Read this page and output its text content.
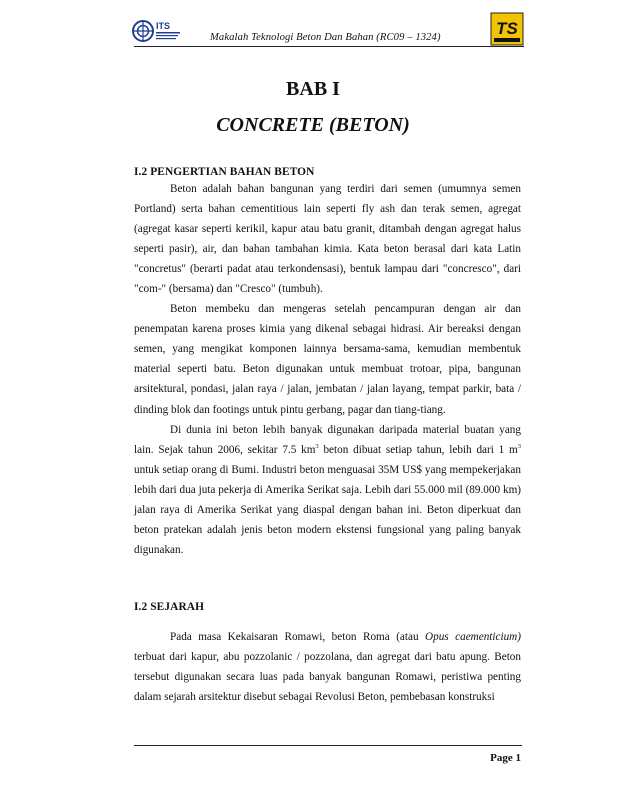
ITS
Makalah Teknologi Beton Dan Bahan (RC09 – 1324)	TS
BAB I
CONCRETE (BETON)
I.2 PENGERTIAN BAHAN BETON

Beton adalah bahan bangunan yang terdiri dari semen (umumnya semen Portland) serta bahan cementitious lain seperti fly ash dan terak semen, agregat (agregat kasar seperti kerikil, kapur atau batu granit, ditambah dengan agregat halus seperti pasir), air, dan bahan tambahan kimia. Kata beton berasal dari kata Latin "concretus" (berarti padat atau terkondensasi), bentuk lampau dari "concresco", dari "com-" (bersama) dan "Cresco" (tumbuh).

Beton membeku dan mengeras setelah pencampuran dengan air dan penempatan karena proses kimia yang dikenal sebagai hidrasi. Air bereaksi dengan semen, yang mengikat komponen lainnya bersama-sama, kemudian membentuk material seperti batu. Beton digunakan untuk membuat trotoar, pipa, bangunan arsitektural, pondasi, jalan raya / jalan, jembatan / jalan layang, tempat parkir, bata / dinding blok dan footings untuk pintu gerbang, pagar dan tiang-tiang.

Di dunia ini beton lebih banyak digunakan daripada material buatan yang lain. Sejak tahun 2006, sekitar 7.5 $km^3$ beton dibuat setiap tahun, lebih dari 1 $m^3$ untuk setiap orang di Bumi. Industri beton menguasai 35M US$ yang mempekerjakan lebih dari dua juta pekerja di Amerika Serikat saja. Lebih dari 55.000 mil (89.000 km) jalan raya di Amerika Serikat yang diaspal dengan bahan ini. Beton diperkuat dan beton pratekan adalah jenis beton modern ekstensi fungsional yang paling banyak digunakan.

I.2 SEJARAH

Pada masa Kekaisaran Romawi, beton Roma (atau Opus caementicium) terbuat dari kapur, abu pozzolanic / pozzolana, dan agregat dari batu apung. Beton tersebut digunakan secara luas pada banyak bangunan Romawi, peristiwa penting dalam sejarah arsitektur disebut sebagai Revolusi Beton, pembebasan konstruksi

Page 1
